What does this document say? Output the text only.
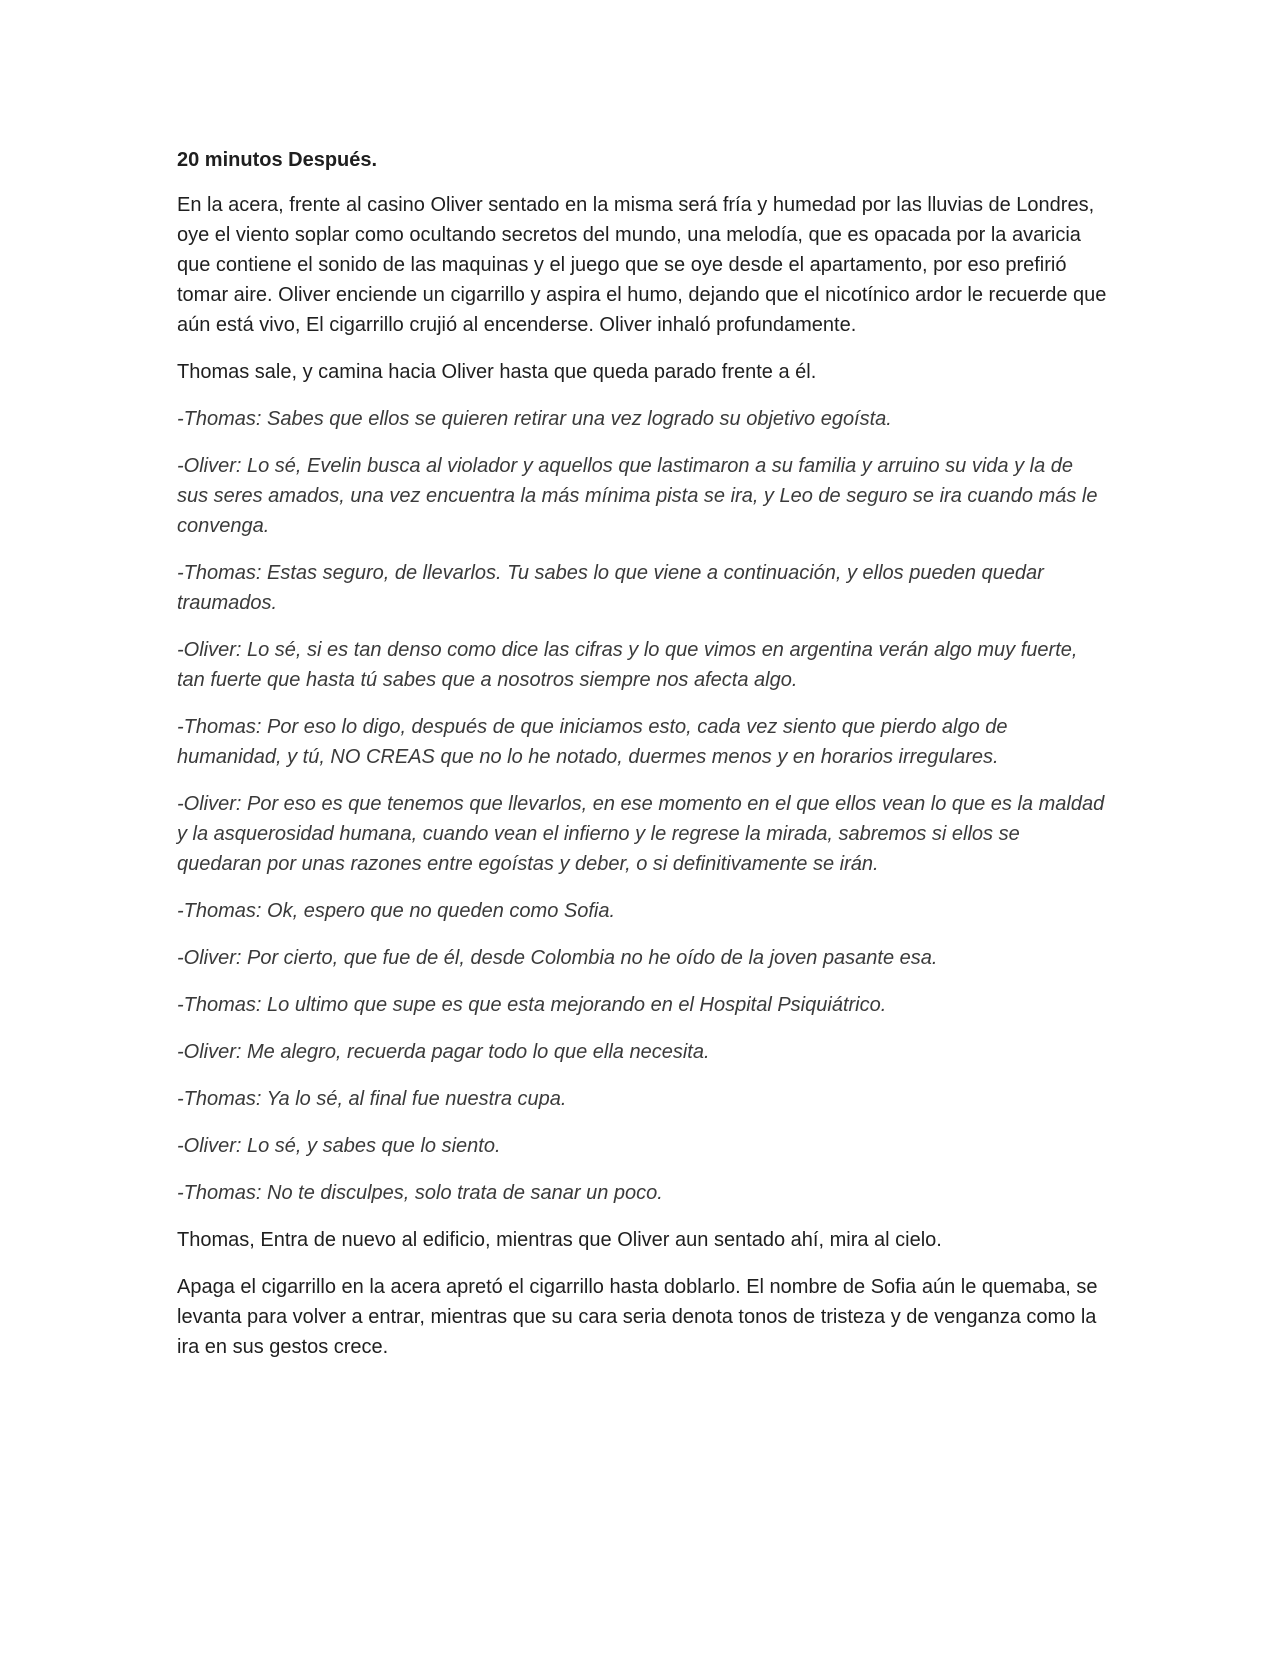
20 minutos Después.

En la acera, frente al casino Oliver sentado en la misma será fría y humedad por las lluvias de Londres, oye el viento soplar como ocultando secretos del mundo, una melodía, que es opacada por la avaricia que contiene el sonido de las maquinas y el juego que se oye desde el apartamento, por eso prefirió tomar aire. Oliver enciende un cigarrillo y aspira el humo, dejando que el nicotínico ardor le recuerde que aún está vivo, El cigarrillo crujió al encenderse. Oliver inhaló profundamente.

Thomas sale, y camina hacia Oliver hasta que queda parado frente a él.

-Thomas: Sabes que ellos se quieren retirar una vez logrado su objetivo egoísta.

-Oliver: Lo sé, Evelin busca al violador y aquellos que lastimaron a su familia y arruino su vida y la de sus seres amados, una vez encuentra la más mínima pista se ira, y Leo de seguro se ira cuando más le convenga.

-Thomas: Estas seguro, de llevarlos. Tu sabes lo que viene a continuación, y ellos pueden quedar traumados.

-Oliver: Lo sé, si es tan denso como dice las cifras y lo que vimos en argentina verán algo muy fuerte, tan fuerte que hasta tú sabes que a nosotros siempre nos afecta algo.

-Thomas: Por eso lo digo, después de que iniciamos esto, cada vez siento que pierdo algo de humanidad, y tú, NO CREAS que no lo he notado, duermes menos y en horarios irregulares.

-Oliver: Por eso es que tenemos que llevarlos, en ese momento en el que ellos vean lo que es la maldad y la asquerosidad humana, cuando vean el infierno y le regrese la mirada, sabremos si ellos se quedaran por unas razones entre egoístas y deber, o si definitivamente se irán.

-Thomas: Ok, espero que no queden como Sofia.

-Oliver: Por cierto, que fue de él, desde Colombia no he oído de la joven pasante esa.

-Thomas: Lo ultimo que supe es que esta mejorando en el Hospital Psiquiátrico.

-Oliver: Me alegro, recuerda pagar todo lo que ella necesita.

-Thomas: Ya lo sé, al final fue nuestra cupa.

-Oliver: Lo sé, y sabes que lo siento.

-Thomas: No te disculpes, solo trata de sanar un poco.

Thomas, Entra de nuevo al edificio, mientras que Oliver aun sentado ahí, mira al cielo.

Apaga el cigarrillo en la acera apretó el cigarrillo hasta doblarlo. El nombre de Sofia aún le quemaba, se levanta para volver a entrar, mientras que su cara seria denota tonos de tristeza y de venganza como la ira en sus gestos crece.
